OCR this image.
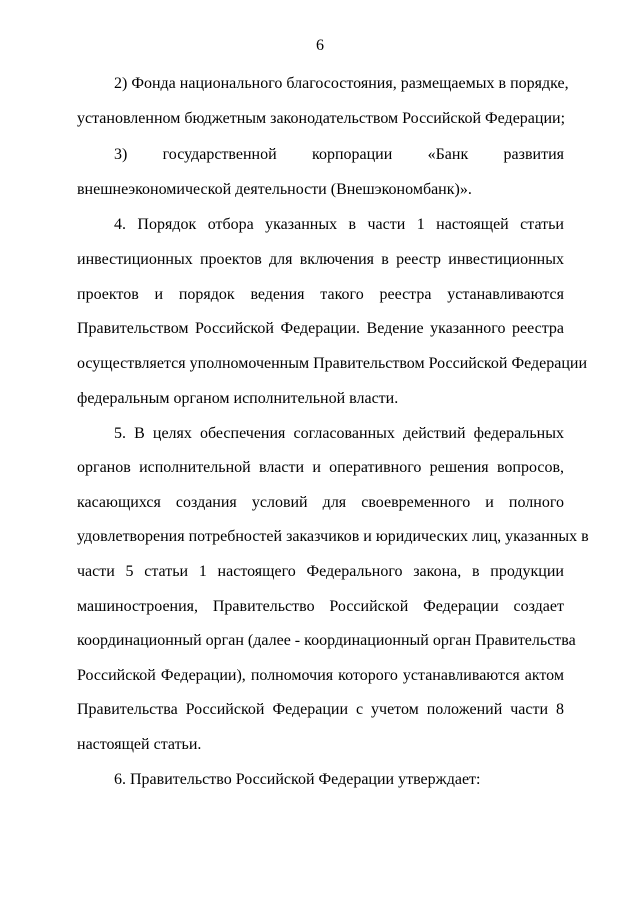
6
2) Фонда национального благосостояния, размещаемых в порядке,
установленном бюджетным законодательством Российской Федерации;
3) государственной корпорации «Банк развития
внешнеэкономической деятельности (Внешэкономбанк)».
4. Порядок отбора указанных в части 1 настоящей статьи
инвестиционных проектов для включения в реестр инвестиционных
проектов и порядок ведения такого реестра устанавливаются
Правительством Российской Федерации. Ведение указанного реестра
осуществляется уполномоченным Правительством Российской Федерации
федеральным органом исполнительной власти.
5. В целях обеспечения согласованных действий федеральных
органов исполнительной власти и оперативного решения вопросов,
касающихся создания условий для своевременного и полного
удовлетворения потребностей заказчиков и юридических лиц, указанных в
части 5 статьи 1 настоящего Федерального закона, в продукции
машиностроения, Правительство Российской Федерации создает
координационный орган (далее - координационный орган Правительства
Российской Федерации), полномочия которого устанавливаются актом
Правительства Российской Федерации с учетом положений части 8
настоящей статьи.
6. Правительство Российской Федерации утверждает:
